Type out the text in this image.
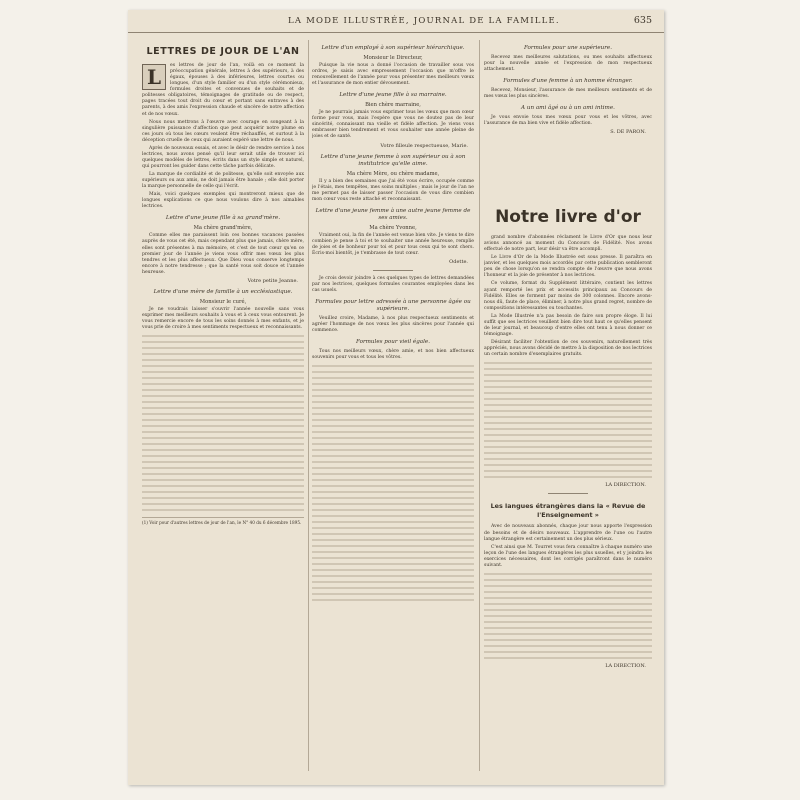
LA MODE ILLUSTRÉE, JOURNAL DE LA FAMILLE.	635
LETTRES DE JOUR DE L'AN
L	es lettres de jour de l'an, voilà en ce moment la préoccupation générale, lettres à des supérieurs, à des égaux, épouses à des inférieures, lettres courtes ou longues, d'un style familier ou d'un style cérémonieux, formules droites et convenues de souhaits et de politesses obligatoires, témoignages de gratitude ou de respect, pages tracées tout droit du cœur et portant sans entraves à des parents, à des amis l'expression chaude et sincère de notre affection et de nos vœux.

Nous nous mettrons à l'œuvre avec courage en songeant à la singulière puissance d'affection que peut acquérir notre plume en ces jours où tous les cœurs veulent être réchauffés, et surtout à la déception cruelle de ceux qui auraient espéré une lettre de nous.

Après de nouveaux essais, et avec le désir de rendre service à nos lectrices, nous avons pensé qu'il leur serait utile de trouver ici quelques modèles de lettres, écrits dans un style simple et naturel, qui pourront les guider dans cette tâche parfois délicate.

La marque de cordialité et de politesse, qu'elle soit envoyée aux supérieurs ou aux amis, ne doit jamais être banale ; elle doit porter la marque personnelle de celle qui l'écrit.

Mais, voici quelques exemples qui montreront mieux que de longues explications ce que nous voulons dire à nos aimables lectrices.

Lettre d'une jeune fille à sa grand'mère.
Ma chère grand'mère,

Comme elles me paraissent loin ces bonnes vacances passées auprès de vous cet été, mais cependant plus que jamais, chère mère, elles sont présentes à ma mémoire, et c'est de tout cœur qu'en ce premier jour de l'année je viens vous offrir mes vœux les plus tendres et les plus affectueux. Que Dieu vous conserve longtemps encore à notre tendresse ; que la santé vous soit douce et l'année heureuse.

Votre petite Jeanne.
Lettre d'une mère de famille à un ecclésiastique.
Monsieur le curé,

Je ne voudrais laisser s'ouvrir l'année nouvelle sans vous exprimer mes meilleurs souhaits à vous et à ceux vous entourent. Je vous remercie encore de tous les soins donnés à mes enfants, et je vous prie de croire à mes sentiments respectueux et reconnaissants.

(1) Voir pour d'autres lettres de jour de l'an, le N° 40 du 6 décembre 1895.
Lettre d'un employé à son supérieur hiérarchique.
Monsieur le Directeur,

Puisque la vie nous a donné l'occasion de travailler sous vos ordres, je saisis avec empressement l'occasion que m'offre le renouvellement de l'année pour vous présenter mes meilleurs vœux et l'assurance de mon entier dévouement.

Lettre d'une jeune fille à sa marraine.
Bien chère marraine,

Je ne pourrais jamais vous exprimer tous les vœux que mon cœur forme pour vous, mais l'espère que vous ne doutez pas de leur sincérité, connaissant ma vieille et fidèle affection. Je viens vous embrasser bien tendrement et vous souhaiter une année pleine de joies et de santé.

Votre filleule respectueuse, Marie.
Lettre d'une jeune femme à son supérieur ou à son institutrice qu'elle aime.
Ma chère Mère, ou chère madame,

Il y a bien des semaines que j'ai été vous écrire, occupée comme je l'étais, mes tempêtes, mes soins multiples ; mais le jour de l'an ne me permet pas de laisser passer l'occasion de vous dire combien mon cœur vous reste attaché et reconnaissant.

Lettre d'une jeune femme à une autre jeune femme de ses amies.
Ma chère Yvonne,

Vraiment oui, la fin de l'année est venue bien vite. Je viens te dire combien je pense à toi et te souhaiter une année heureuse, remplie de joies et de bonheur pour toi et pour tous ceux qui te sont chers. Écris-moi bientôt, je t'embrasse de tout cœur.

Odette.

Je crois devoir joindre à ces quelques types de lettres demandées par nos lectrices, quelques formules courantes employées dans les cas usuels.

Formules pour lettre adressée à une personne âgée ou supérieure.

Veuillez croire, Madame, à nos plus respectueux sentiments et agréer l'hommage de nos vœux les plus sincères pour l'année qui commence.

Formules pour vieil égale.

Tous nos meilleurs vœux, chère amie, et nos bien affectueux souvenirs pour vous et tous les vôtres.

Formules pour une supérieure.

Recevez mes meilleures salutations, ou mes souhaits affectueux pour la nouvelle année et l'expression de mon respectueux attachement.

Formules d'une femme à un homme étranger.

Recevez, Monsieur, l'assurance de mes meilleurs sentiments et de mes vœux les plus sincères.

A un ami âgé ou à un ami intime.

Je vous envoie tous mes vœux pour vous et les vôtres, avec l'assurance de ma bien vive et fidèle affection.

S. DE PARON.
Notre livre d'or

grand nombre d'abonnées réclament le Livre d'Or que nous leur avions annoncé au moment du Concours de Fidélité. Nos avons effectué de notre part, leur désir va être accompli.

Le Livre d'Or de la Mode Illustrée est sous presse. Il paraîtra en janvier, et les quelques mois accordés par cette publication sembleront peu de chose lorsqu'on se rendra compte de l'œuvre que nous avons l'honneur et la joie de présenter à nos lectrices.

Ce volume, format du Supplément littéraire, contient les lettres ayant remporté les prix et accessits principaux au Concours de Fidélité. Elles se forment par moins de 300 colonnes. Encore avons-nous dû, faute de place, éliminer, à notre plus grand regret, nombre de compositions intéressantes ou touchantes.

La Mode Illustrée n'a pas besoin de faire son propre éloge. Il lui suffit que ses lectrices veuillent bien dire tout haut ce qu'elles pensent de leur journal, et beaucoup d'entre elles ont tenu à nous donner ce témoignage.

Désirant faciliter l'obtention de ces souvenirs, naturellement très appréciés, nous avons décidé de mettre à la disposition de nos lectrices un certain nombre d'exemplaires gratuits.

LA DIRECTION.
Les langues étrangères dans la « Revue de l'Enseignement »

Avec de nouveaux abonnés, chaque jour nous apporte l'expression de besoins et de désirs nouveaux. L'apprendre de l'une ou l'autre langue étrangère est certainement un des plus sérieux.

C'est ainsi que M. Tourret vous fera connaître à chaque numéro une leçon de l'une des langues étrangères les plus usuelles, et y joindra les exercices nécessaires, dont les corrigés paraîtront dans le numéro suivant.

LA DIRECTION.
